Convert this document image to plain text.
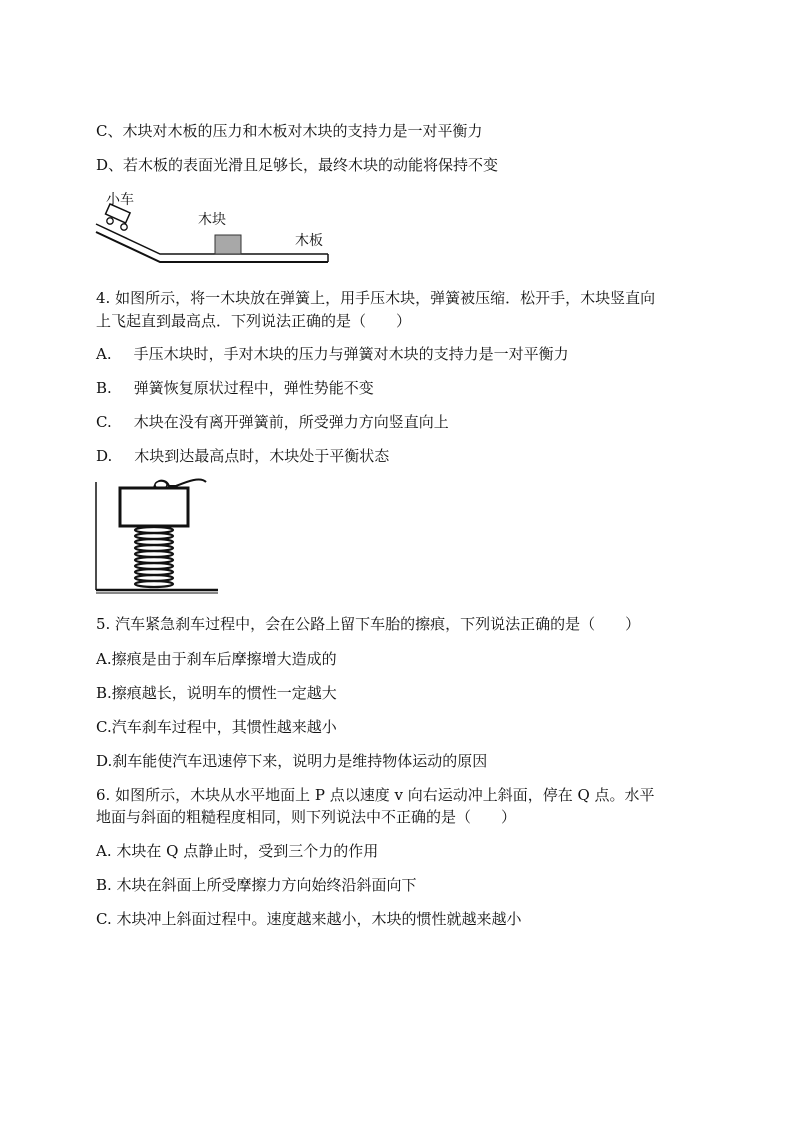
C、木块对木板的压力和木板对木块的支持力是一对平衡力
D、若木板的表面光滑且足够长，最终木块的动能将保持不变
小车
木块
木板
4. 如图所示，将一木块放在弹簧上，用手压木块，弹簧被压缩．松开手，木块竖直向
上飞起直到最高点．下列说法正确的是（　　）
A. 手压木块时，手对木块的压力与弹簧对木块的支持力是一对平衡力
B. 弹簧恢复原状过程中，弹性势能不变
C. 木块在没有离开弹簧前，所受弹力方向竖直向上
D. 木块到达最高点时，木块处于平衡状态
5. 汽车紧急刹车过程中，会在公路上留下车胎的擦痕，下列说法正确的是（　　）
A.擦痕是由于刹车后摩擦增大造成的
B.擦痕越长，说明车的惯性一定越大
C.汽车刹车过程中，其惯性越来越小
D.刹车能使汽车迅速停下来，说明力是维持物体运动的原因
6. 如图所示，木块从水平地面上 P 点以速度 v 向右运动冲上斜面，停在 Q 点。水平
地面与斜面的粗糙程度相同，则下列说法中不正确的是（　　）
A. 木块在 Q 点静止时，受到三个力的作用
B. 木块在斜面上所受摩擦力方向始终沿斜面向下
C. 木块冲上斜面过程中。速度越来越小，木块的惯性就越来越小
